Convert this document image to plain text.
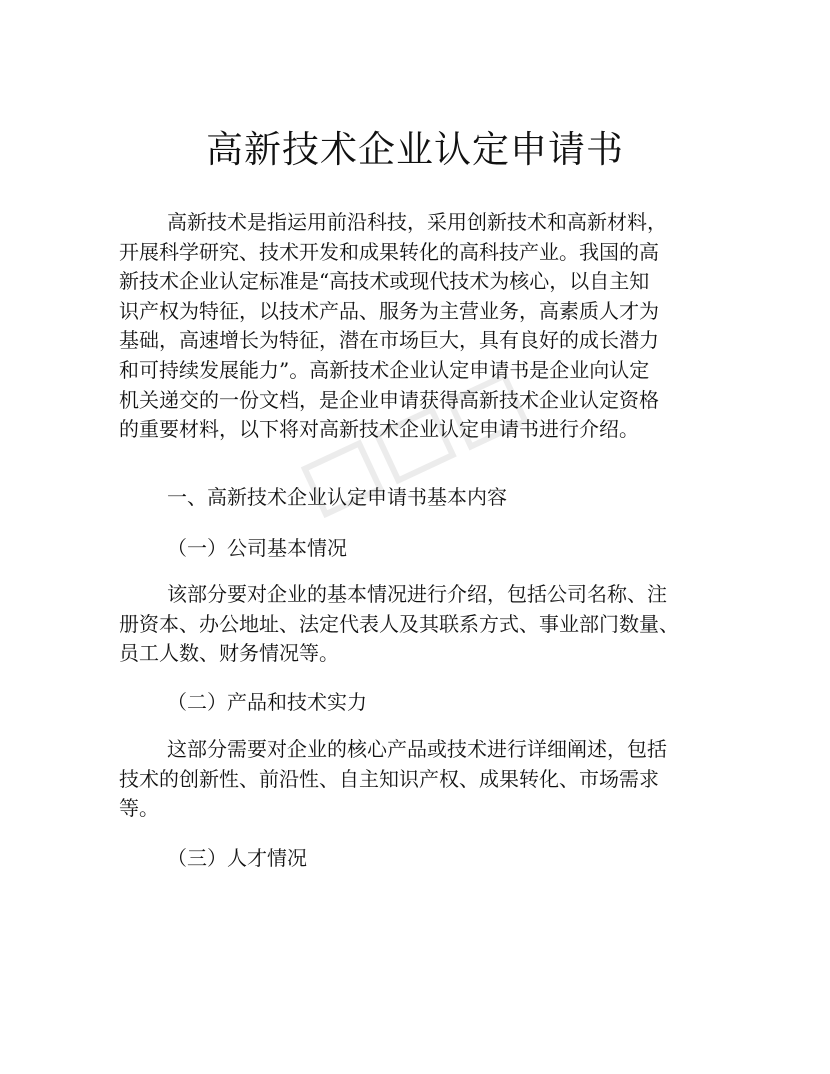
高新技术企业认定申请书
高新技术是指运用前沿科技，采用创新技术和高新材料，
开展科学研究、技术开发和成果转化的高科技产业。我国的高
新技术企业认定标准是“高技术或现代技术为核心，以自主知
识产权为特征，以技术产品、服务为主营业务，高素质人才为
基础，高速增长为特征，潜在市场巨大，具有良好的成长潜力
和可持续发展能力”。高新技术企业认定申请书是企业向认定
机关递交的一份文档，是企业申请获得高新技术企业认定资格
的重要材料，以下将对高新技术企业认定申请书进行介绍。

一、高新技术企业认定申请书基本内容

（一）公司基本情况

该部分要对企业的基本情况进行介绍，包括公司名称、注
册资本、办公地址、法定代表人及其联系方式、事业部门数量、
员工人数、财务情况等。

（二）产品和技术实力

这部分需要对企业的核心产品或技术进行详细阐述，包括
技术的创新性、前沿性、自主知识产权、成果转化、市场需求
等。

（三）人才情况
